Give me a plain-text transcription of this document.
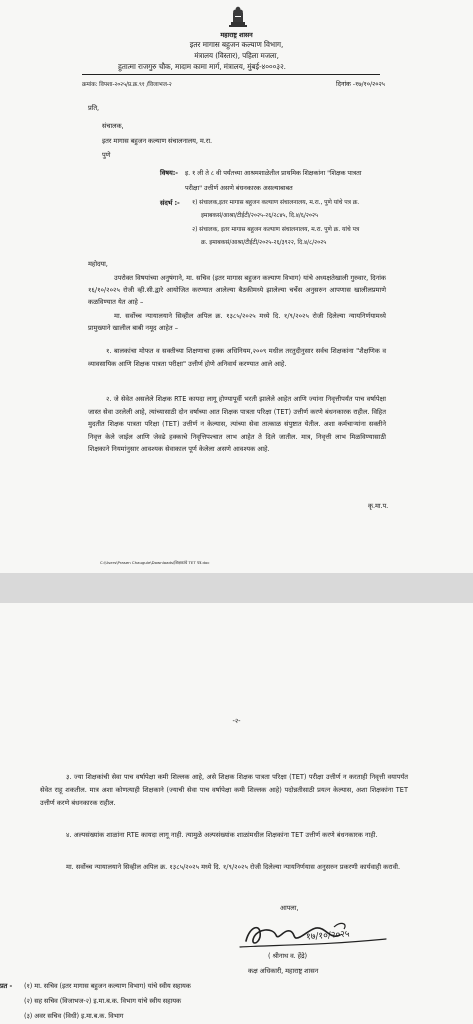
महाराष्ट्र शासन
इतर मागास बहुजन कल्याण विभाग,
मंत्रालय (विस्तार), पहिला मजला,
हुतात्मा राजगुरु चौक, मादाम कामा मार्ग, मंत्रालय, मुंबई-४०००३२.
क्रमांक: विपशा-२०२५/प्र.क्र.९१ /विजाभज-२	दिनांक -१७/१०/२०२५
प्रति,
संचालक,
इतर मागास बहुजन कल्याण संचालनालय, म.रा.
पुणे
विषय:- इ. १ ली ते ८ वी पर्यंतच्या आश्रमशाळेतील प्राथमिक शिक्षकांना "शिक्षक पात्रता
परीक्षा" उत्तीर्ण असणे बंधनकारक असल्याबाबत
संदर्भ :- १) संचालक,इतर मागास बहुजन कल्याण संचालनालय, म.रा., पुणे यांचे पत्र क्र.
इमाबकसं/आश्रा/टीईटी/२०२५-२६/२८४५, दि.४/६/२०२५
२) संचालक, इतर मागास बहुजन कल्याण संचालनालय, म.रा. पुणे क्र. यांचे पत्र
क्र. इमाबकसं/आश्रा/टीईटी/२०२५-२६/३९२२, दि.४/८/२०२५
महोदया,
उपरोक्त विषयांच्या अनुषंगाने, मा. सचिव (इतर मागास बहुजन कल्याण विभाग) यांचे अध्यक्षतेखाली गुरुवार, दिनांक १६/१०/२०२५ रोजी व्ही.सी.द्वारे आयोजित करण्यात आलेल्या बैठकीमध्ये झालेल्या चर्चेस अनुसरुन आपणास खालीलप्रमाणे कळविण्यात येत आहे –
मा. सर्वोच्च न्यायालयाने सिव्हील अपिल क्र. १३८५/२०२५ मध्ये दि. १/९/२०२५ रोजी दिलेल्या न्यायनिर्णयामध्ये प्रामुख्याने खालील बाबी नमूद आहेत –
१. बालकांचा मोफत व सक्तीच्या शिक्षणाचा हक्क अधिनियम,२००९ मधील तरतुदीनुसार सर्वच शिक्षकांना "शैक्षणिक व व्यावसायिक आणि शिक्षक पात्रता परीक्षा" उत्तीर्ण होणे अनिवार्य करण्यात आले आहे.
२. जे सेवेत असलेले शिक्षक RTE कायदा लागू होण्यापूर्वी भरती झालेले आहेत आणि ज्यांना निवृत्तीपर्यंत पाच वर्षापेक्षा जास्त सेवा उरलेली आहे, त्यांच्यासाठी दोन वर्षाच्या आत शिक्षक पात्रता परिक्षा (TET) उत्तीर्ण करणे बंधनकारक राहील. विहित मुदतीत शिक्षक पात्रता परिक्षा (TET) उत्तीर्ण न केल्यास, त्यांच्या सेवा तात्काळ संपुष्टात येतील. अशा कर्मचाऱ्यांना सक्तीने निवृत्त केले जाईल आणि जेवढे हक्काचे निवृत्तिपश्चात लाभ आहेत ते दिले जातील. मात्र, निवृत्ती लाभ मिळविण्यासाठी शिक्षकाने नियमांनुसार आवश्यक सेवाकाल पूर्ण केलेला असणे आवश्यक आहे.
कृ.मा.प.
C:\Users\Prasen Chaugule\Downloads\शिक्षकांचे TET पत्र.doc
-२-
३. ज्या शिक्षकांची सेवा पाच वर्षापेक्षा कमी शिल्लक आहे, असे शिक्षक शिक्षक पात्रता परिक्षा (TET) परीक्षा उत्तीर्ण न करताही निवृत्ती वयापर्यंत सेवेत राहू शकतील. मात्र अशा कोणत्याही शिक्षकाने (ज्याची सेवा पाच वर्षापेक्षा कमी शिल्लक आहे) पदोन्नतीसाठी प्रयत्न केल्यास, अशा शिक्षकांना TET उत्तीर्ण करणे बंधनकारक राहील.
४. अल्पसंख्यांक शाळांना RTE कायदा लागू नाही. त्यामुळे अल्पसंख्यांक शाळांमधील शिक्षकांना TET उत्तीर्ण करणे बंधनकारक नाही.
मा. सर्वोच्च न्यायालयाने सिव्हील अपिल क्र. १३८५/२०२५ मध्ये दि. १/९/२०२५ रोजी दिलेल्या न्यायनिर्णयास अनुसरुन प्रकरणी कार्यवाही करावी.
आपला,
१७/१०/२०२५
( श्रीनाथ व. हेंद्रे)
कक्ष अधिकारी, महाराष्ट्र शासन
प्रत - (१) मा. सचिव (इतर मागास बहुजन कल्याण विभाग) यांचे स्वीय सहायक
(२) सह सचिव (विजाभज-२) इ.मा.ब.क. विभाग यांचे स्वीय सहायक
(३) अवर सचिव (विधी) इ.मा.ब.क. विभाग
